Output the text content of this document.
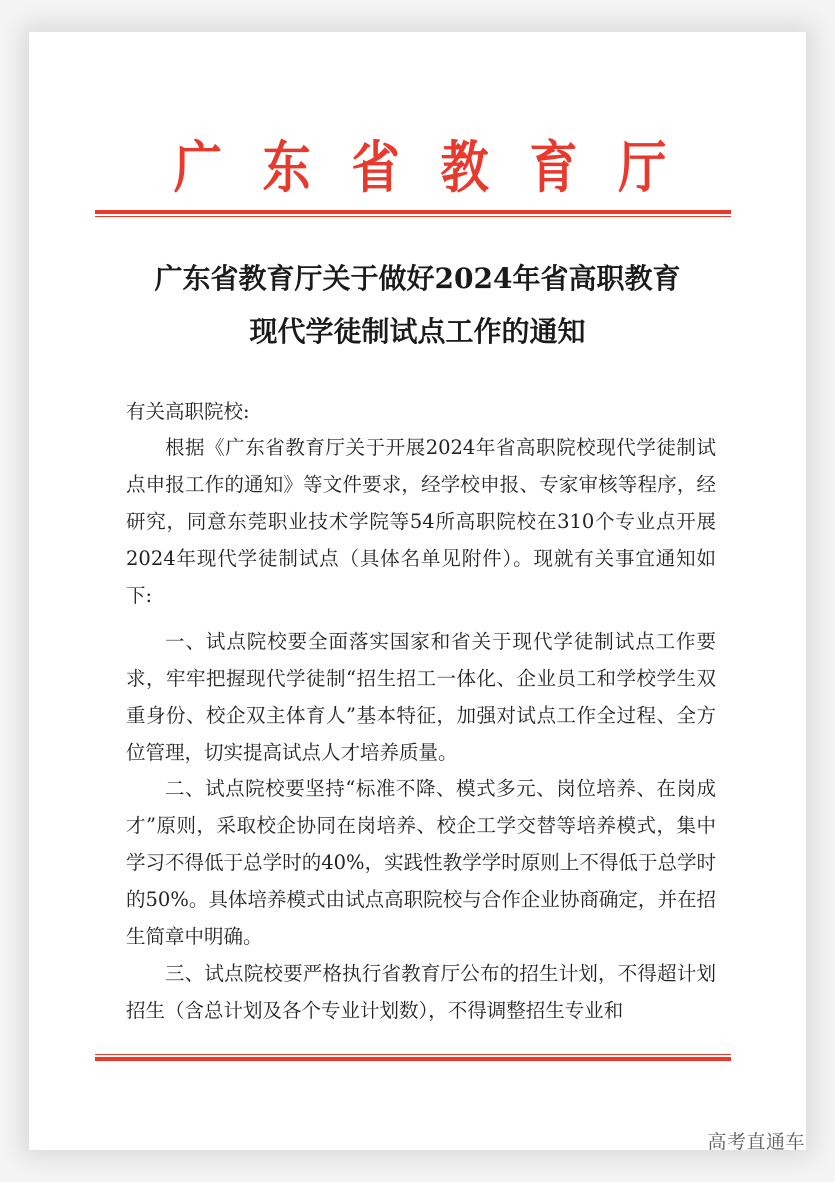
广 东 省 教 育 厅
广东省教育厅关于做好2024年省高职教育
现代学徒制试点工作的通知
有关高职院校:
根据《广东省教育厅关于开展2024年省高职院校现代学徒制试点申报工作的通知》等文件要求，经学校申报、专家审核等程序，经研究，同意东莞职业技术学院等54所高职院校在310个专业点开展2024年现代学徒制试点（具体名单见附件）。现就有关事宜通知如下:
一、试点院校要全面落实国家和省关于现代学徒制试点工作要求，牢牢把握现代学徒制“招生招工一体化、企业员工和学校学生双重身份、校企双主体育人”基本特征，加强对试点工作全过程、全方位管理，切实提高试点人才培养质量。
二、试点院校要坚持“标准不降、模式多元、岗位培养、在岗成才”原则，采取校企协同在岗培养、校企工学交替等培养模式，集中学习不得低于总学时的40%，实践性教学学时原则上不得低于总学时的50%。具体培养模式由试点高职院校与合作企业协商确定，并在招生简章中明确。
三、试点院校要严格执行省教育厅公布的招生计划，不得超计划招生（含总计划及各个专业计划数），不得调整招生专业和
高考直通车
